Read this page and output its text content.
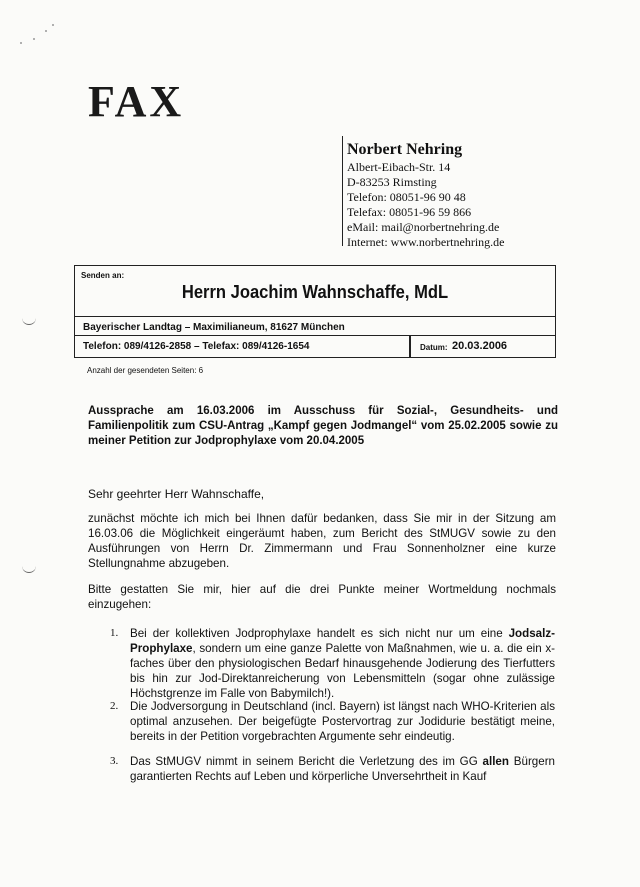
FAX
Norbert Nehring
Albert-Eibach-Str. 14
D-83253 Rimsting
Telefon: 08051-96 90 48
Telefax: 08051-96 59 866
eMail: mail@norbertnehring.de
Internet: www.norbertnehring.de
Senden an:
Herrn Joachim Wahnschaffe, MdL
Bayerischer Landtag – Maximilianeum, 81627 München
Telefon: 089/4126-2858 – Telefax: 089/4126-1654	Datum: 20.03.2006
Anzahl der gesendeten Seiten: 6
Aussprache am 16.03.2006 im Ausschuss für Sozial-, Gesundheits- und Familienpolitik zum CSU-Antrag „Kampf gegen Jodmangel“ vom 25.02.2005 sowie zu meiner Petition zur Jodprophylaxe vom 20.04.2005
Sehr geehrter Herr Wahnschaffe,
zunächst möchte ich mich bei Ihnen dafür bedanken, dass Sie mir in der Sitzung am 16.03.06 die Möglichkeit eingeräumt haben, zum Bericht des StMUGV sowie zu den Ausführungen von Herrn Dr. Zimmermann und Frau Sonnenholzner eine kurze Stellungnahme abzugeben.
Bitte gestatten Sie mir, hier auf die drei Punkte meiner Wortmeldung nochmals einzugehen:
1. Bei der kollektiven Jodprophylaxe handelt es sich nicht nur um eine Jodsalz-Prophylaxe, sondern um eine ganze Palette von Maßnahmen, wie u. a. die ein x-faches über den physiologischen Bedarf hinausgehende Jodierung des Tierfutters bis hin zur Jod-Direktanreicherung von Lebensmitteln (sogar ohne zulässige Höchstgrenze im Falle von Babymilch!).
2. Die Jodversorgung in Deutschland (incl. Bayern) ist längst nach WHO-Kriterien als optimal anzusehen. Der beigefügte Postervortrag zur Jodidurie bestätigt meine, bereits in der Petition vorgebrachten Argumente sehr eindeutig.
3. Das StMUGV nimmt in seinem Bericht die Verletzung des im GG allen Bürgern garantierten Rechts auf Leben und körperliche Unversehrtheit in Kauf
